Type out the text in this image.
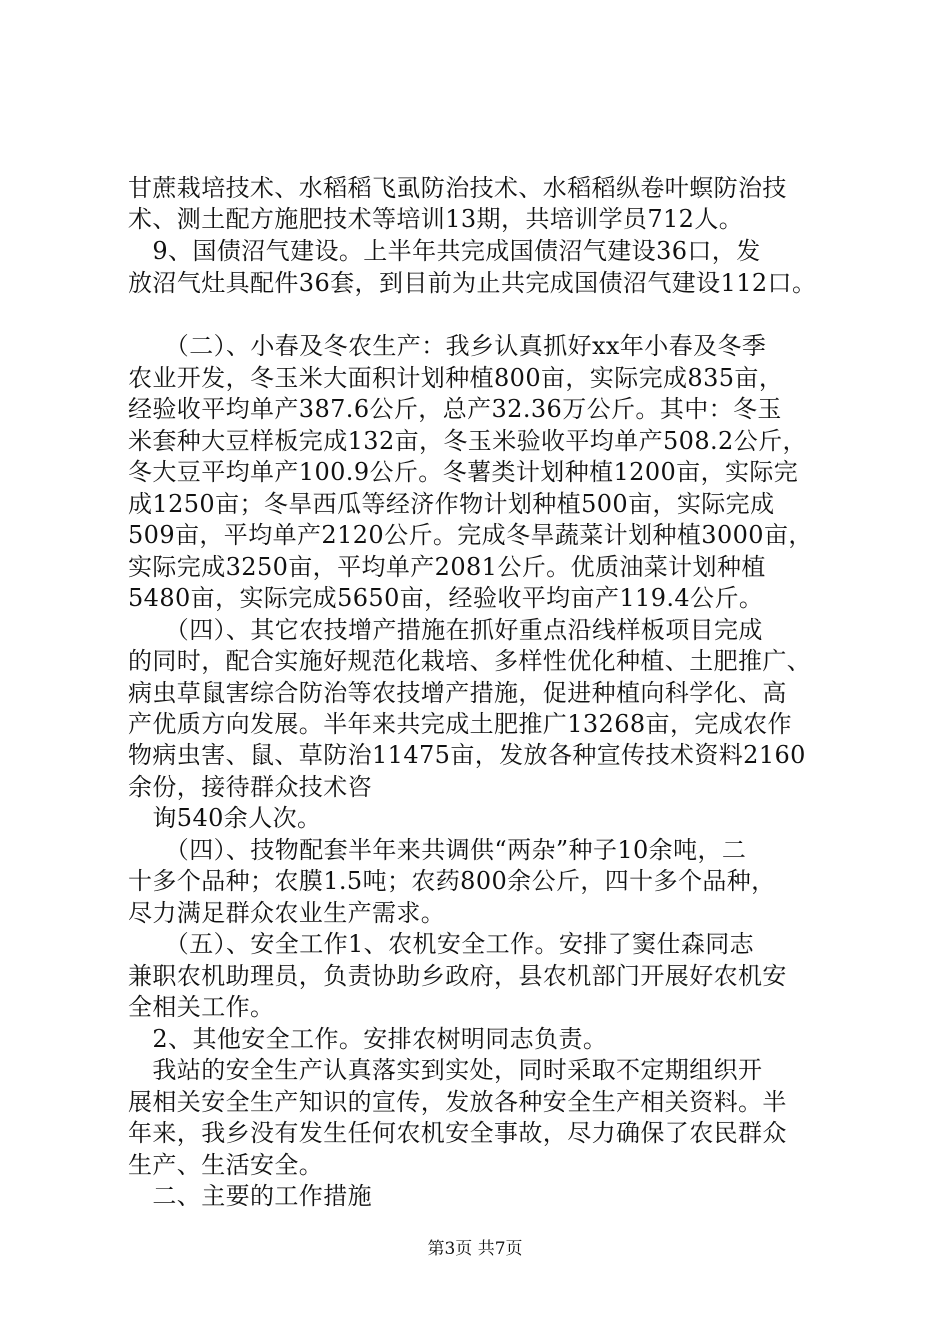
甘蔗栽培技术、水稻稻飞虱防治技术、水稻稻纵卷叶螟防治技
术、测土配方施肥技术等培训13期，共培训学员712人。
　9、国债沼气建设。上半年共完成国债沼气建设36口，发
放沼气灶具配件36套，到目前为止共完成国债沼气建设112口。
　　（二）、小春及冬农生产：我乡认真抓好xx年小春及冬季
农业开发，冬玉米大面积计划种植800亩，实际完成835亩，
经验收平均单产387.6公斤，总产32.36万公斤。其中：冬玉
米套种大豆样板完成132亩，冬玉米验收平均单产508.2公斤，
冬大豆平均单产100.9公斤。冬薯类计划种植1200亩，实际完
成1250亩；冬旱西瓜等经济作物计划种植500亩，实际完成
509亩，平均单产2120公斤。完成冬旱蔬菜计划种植3000亩，
实际完成3250亩，平均单产2081公斤。优质油菜计划种植
5480亩，实际完成5650亩，经验收平均亩产119.4公斤。
　　（四）、其它农技增产措施在抓好重点沿线样板项目完成
的同时，配合实施好规范化栽培、多样性优化种植、土肥推广、
病虫草鼠害综合防治等农技增产措施，促进种植向科学化、高
产优质方向发展。半年来共完成土肥推广13268亩，完成农作
物病虫害、鼠、草防治11475亩，发放各种宣传技术资料2160
余份，接待群众技术咨
　询540余人次。
　　（四）、技物配套半年来共调供“两杂”种子10余吨，二
十多个品种；农膜1.5吨；农药800余公斤，四十多个品种，
尽力满足群众农业生产需求。
　　（五）、安全工作1、农机安全工作。安排了窦仕森同志
兼职农机助理员，负责协助乡政府，县农机部门开展好农机安
全相关工作。
　2、其他安全工作。安排农树明同志负责。
　我站的安全生产认真落实到实处，同时采取不定期组织开
展相关安全生产知识的宣传，发放各种安全生产相关资料。半
年来，我乡没有发生任何农机安全事故，尽力确保了农民群众
生产、生活安全。
　二、主要的工作措施
第3页 共7页
